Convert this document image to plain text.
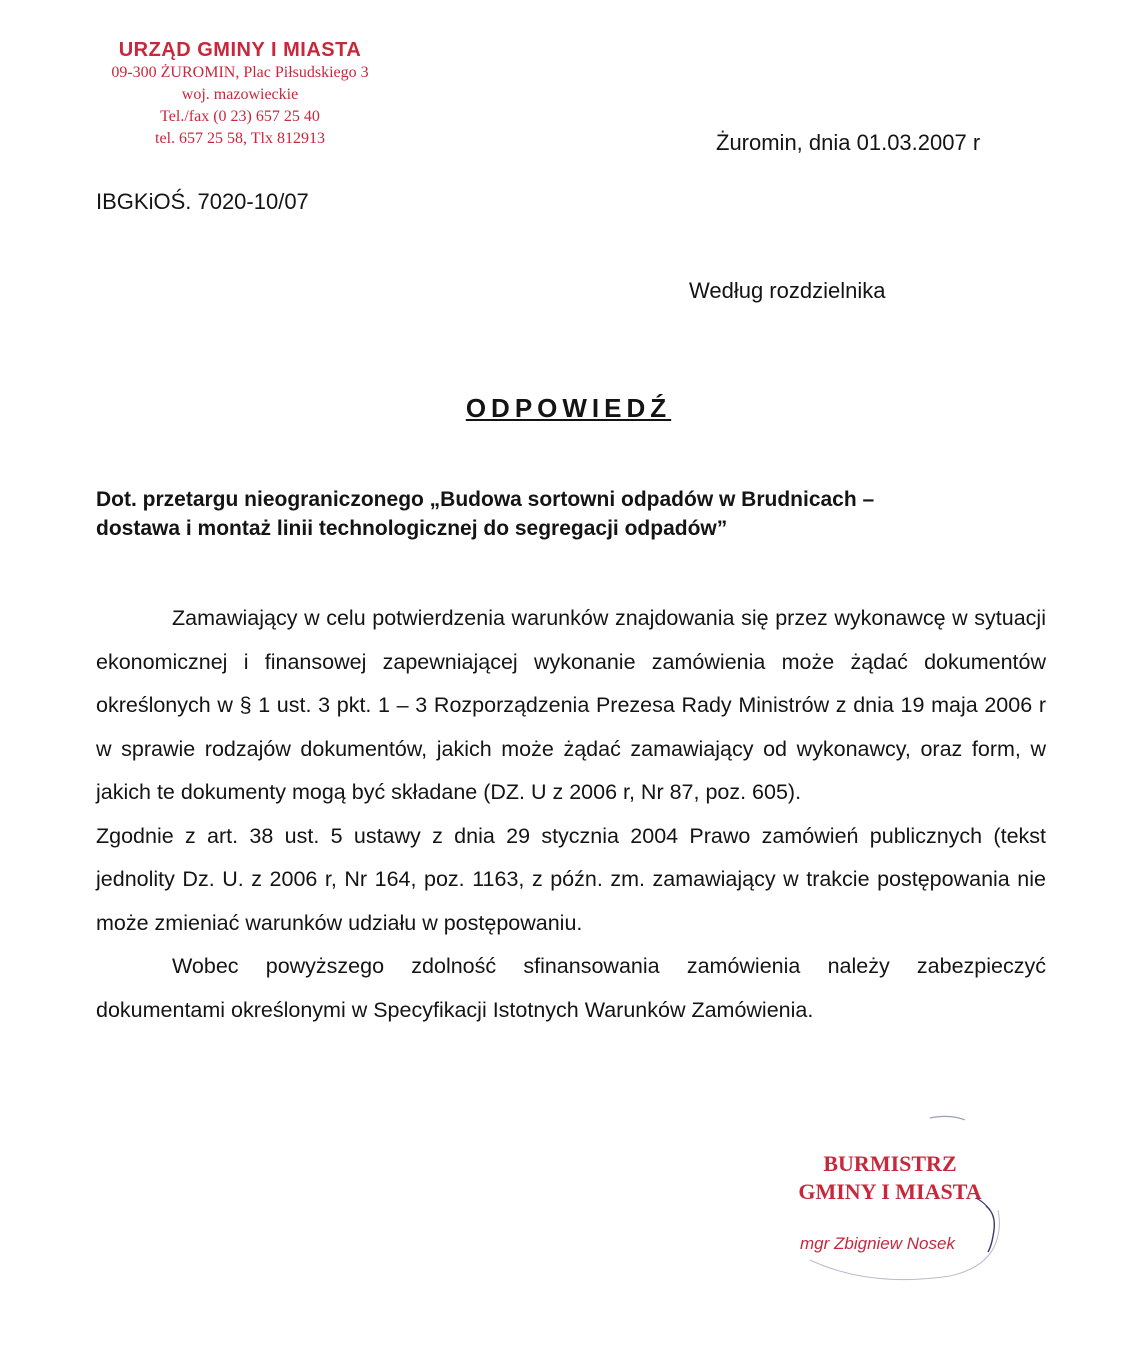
URZĄD GMINY I MIASTA
09-300 ŻUROMIN, Plac Piłsudskiego 3
woj. mazowieckie
Tel./fax (0 23) 657 25 40
tel. 657 25 58, Tlx 812913	Żuromin, dnia 01.03.2007 r
IBGKiOŚ. 7020-10/07
Według rozdzielnika
ODPOWIEDŹ
Dot. przetargu nieograniczonego „Budowa sortowni odpadów w Brudnicach –
dostawa i montaż linii technologicznej do segregacji odpadów”

Zamawiający w celu potwierdzenia warunków znajdowania się przez wykonawcę w sytuacji ekonomicznej i finansowej zapewniającej wykonanie zamówienia może żądać dokumentów określonych w § 1 ust. 3 pkt. 1 – 3 Rozporządzenia Prezesa Rady Ministrów z dnia 19 maja 2006 r w sprawie rodzajów dokumentów, jakich może żądać zamawiający od wykonawcy, oraz form, w jakich te dokumenty mogą być składane (DZ. U z 2006 r, Nr 87, poz. 605).

Zgodnie z art. 38 ust. 5 ustawy z dnia 29 stycznia 2004 Prawo zamówień publicznych (tekst jednolity Dz. U. z 2006 r, Nr 164, poz. 1163, z późn. zm. zamawiający w trakcie postępowania nie może zmieniać warunków udziału w postępowaniu.

Wobec powyższego zdolność sfinansowania zamówienia należy zabezpieczyć dokumentami określonymi w Specyfikacji Istotnych Warunków Zamówienia.

BURMISTRZ
GMINY I MIASTA
mgr Zbigniew Nosek
